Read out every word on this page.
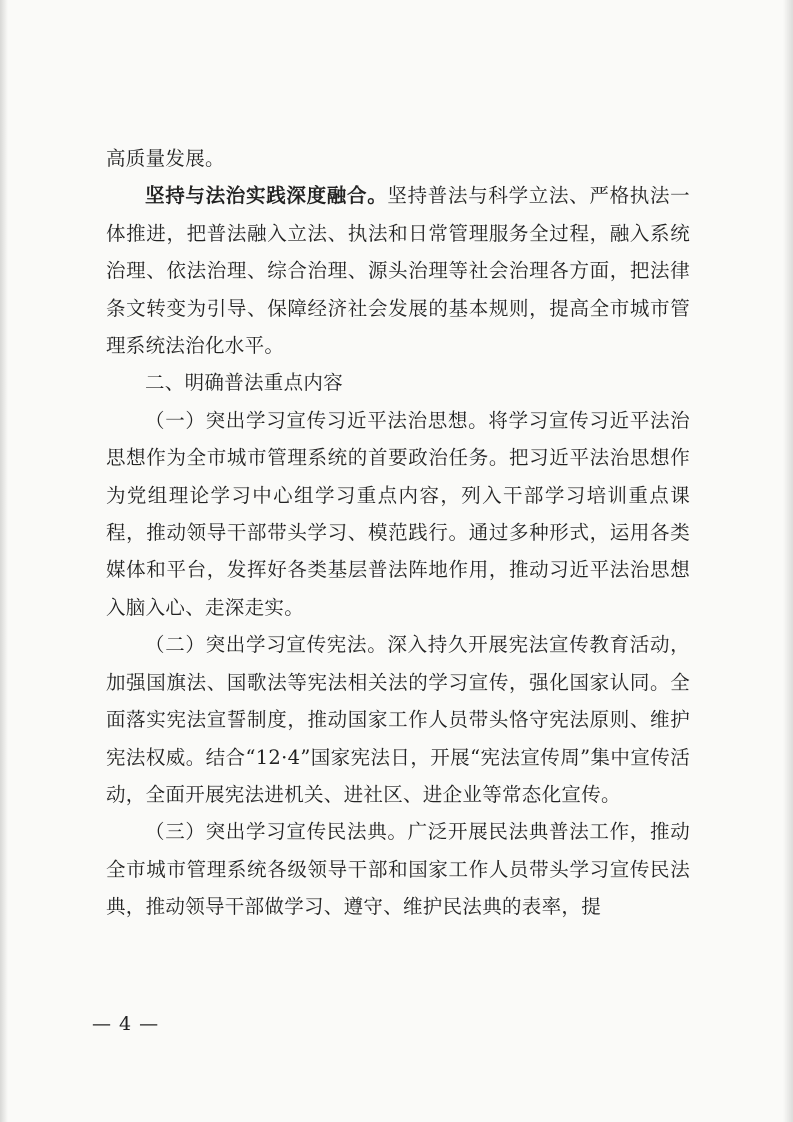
高质量发展。

坚持与法治实践深度融合。坚持普法与科学立法、严格执法一体推进，把普法融入立法、执法和日常管理服务全过程，融入系统治理、依法治理、综合治理、源头治理等社会治理各方面，把法律条文转变为引导、保障经济社会发展的基本规则，提高全市城市管理系统法治化水平。

二、明确普法重点内容

（一）突出学习宣传习近平法治思想。将学习宣传习近平法治思想作为全市城市管理系统的首要政治任务。把习近平法治思想作为党组理论学习中心组学习重点内容，列入干部学习培训重点课程，推动领导干部带头学习、模范践行。通过多种形式，运用各类媒体和平台，发挥好各类基层普法阵地作用，推动习近平法治思想入脑入心、走深走实。

（二）突出学习宣传宪法。深入持久开展宪法宣传教育活动，加强国旗法、国歌法等宪法相关法的学习宣传，强化国家认同。全面落实宪法宣誓制度，推动国家工作人员带头恪守宪法原则、维护宪法权威。结合“12·4”国家宪法日，开展“宪法宣传周”集中宣传活动，全面开展宪法进机关、进社区、进企业等常态化宣传。

（三）突出学习宣传民法典。广泛开展民法典普法工作，推动全市城市管理系统各级领导干部和国家工作人员带头学习宣传民法典，推动领导干部做学习、遵守、维护民法典的表率，提

— 4 —
